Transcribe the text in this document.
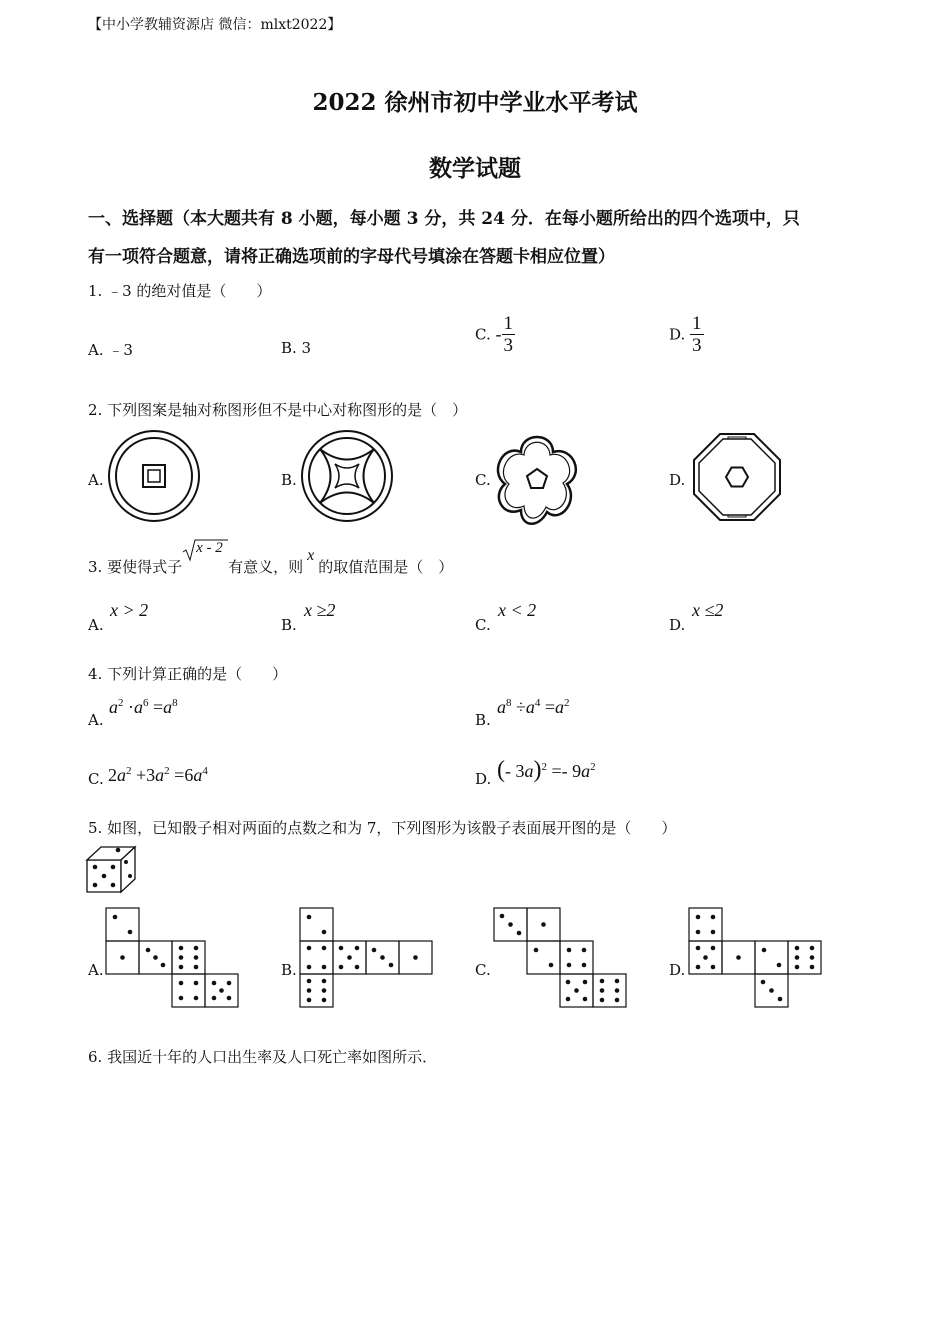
【中小学教辅资源店 微信：mlxt2022】
2022 徐州市初中学业水平考试
数学试题
一、选择题（本大题共有 8 小题，每小题 3 分，共 24 分．在每小题所给出的四个选项中，只
有一项符合题意，请将正确选项前的字母代号填涂在答题卡相应位置）
1. ﹣3 的绝对值是（　　）
A. ﹣3	B. 3
C. - $\frac{1}{3}$	D. $\frac{1}{3}$
2. 下列图案是轴对称图形但不是中心对称图形的是（　）
A.	B.	C.	D.
3. 要使得式子
x - 2
有意义，则x的取值范围是（　）
A.
x > 2
B.
x ≥2
C.
x < 2
D.
x ≤2
4. 下列计算正确的是（　　）
A.
$a^2 \cdot a^6 =a^8$
B.
$a^8 \div a^4 =a^2$
C. $2a^2 +3a^2 =6a^4$	D. (- $3a)^2 =- 9a^2$
5. 如图，已知骰子相对两面的点数之和为 7，下列图形为该骰子表面展开图的是（　　）
A.	B.	C.	D.
6. 我国近十年的人口出生率及人口死亡率如图所示．
